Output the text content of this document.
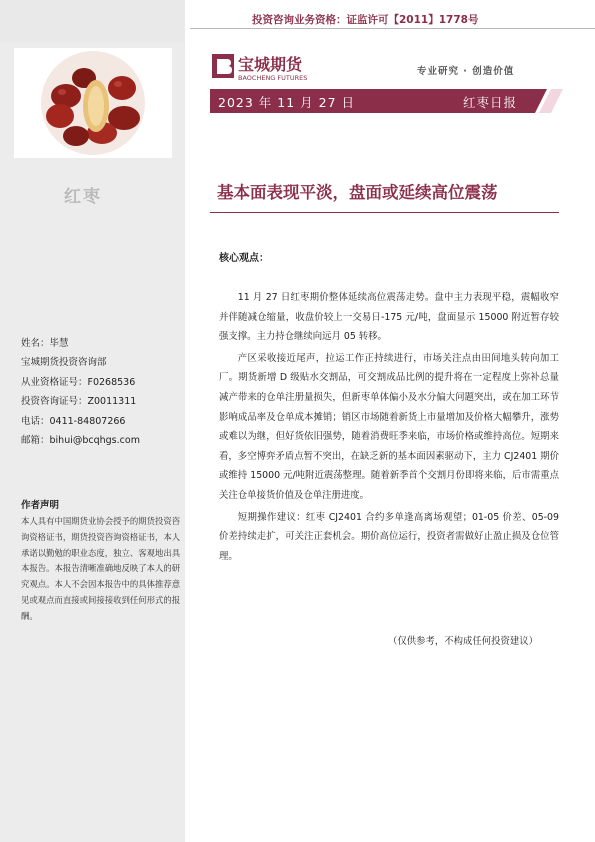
红枣
姓名：毕慧
宝城期货投资咨询部
从业资格证号：F0268536
投资咨询证号：Z0011311
电话：0411-84807266
邮箱：bihui@bcqhgs.com
作者声明
本人具有中国期货业协会授予的期货投资咨询资格证书，期货投资咨询资格证书，本人承诺以勤勉的职业态度，独立、客观地出具本报告。本报告清晰准确地反映了本人的研究观点。本人不会因本报告中的具体推荐意见或观点而直接或间接接收到任何形式的报酬。
投资咨询业务资格：证监许可【2011】1778号
宝城期货
BAOCHENG FUTURES
专业研究 · 创造价值
2023 年 11 月 27 日	红枣日报
基本面表现平淡，盘面或延续高位震荡
核心观点：

11 月 27 日红枣期价整体延续高位震荡走势。盘中主力表现平稳，震幅收窄并伴随减仓缩量，收盘价较上一交易日-175 元/吨，盘面显示 15000 附近暂存较强支撑。主力持仓继续向远月 05 转移。

产区采收接近尾声，拉运工作正持续进行，市场关注点由田间地头转向加工厂。期货新增 D 级贴水交割品，可交割成品比例的提升将在一定程度上弥补总量减产带来的仓单注册量损失，但新枣单体偏小及水分偏大问题突出，或在加工环节影响成品率及仓单成本摊销；销区市场随着新货上市量增加及价格大幅攀升，涨势或难以为继，但好货依旧强势，随着消费旺季来临，市场价格或维持高位。短期来看，多空博弈矛盾点暂不突出，在缺乏新的基本面因素驱动下，主力 CJ2401 期价或维持 15000 元/吨附近震荡整理。随着新季首个交割月份即将来临，后市需重点关注仓单接货价值及仓单注册进度。

短期操作建议：红枣 CJ2401 合约多单逢高离场观望；01-05 价差、05-09 价差持续走扩，可关注正套机会。期价高位运行，投资者需做好止盈止损及仓位管理。

（仅供参考，不构成任何投资建议）
